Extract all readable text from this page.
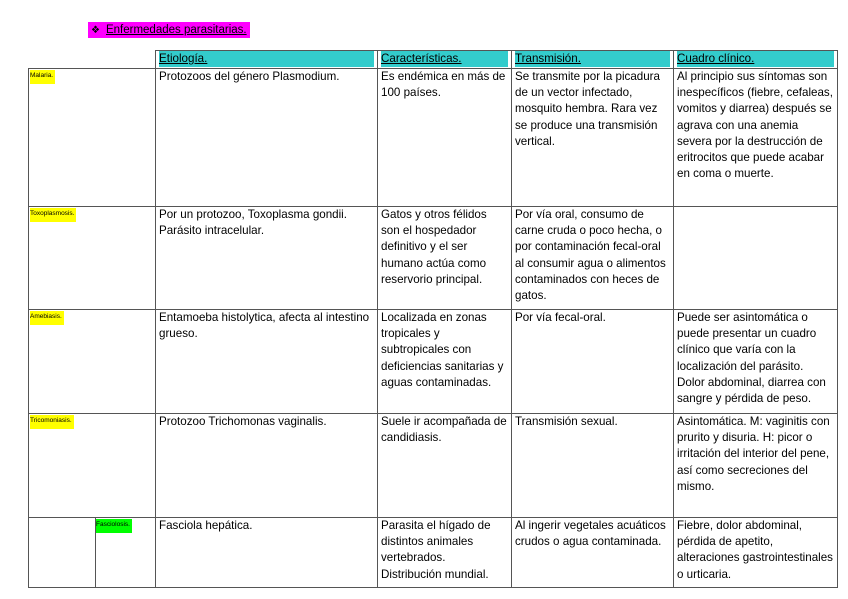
❖ Enfermedades parasitarias.
	Etiología.	Características.	Transmisión.	Cuadro clínico.

Malaria.	Protozoos del género Plasmodium.	Es endémica en más de 100 países.	Se transmite por la picadura de un vector infectado, mosquito hembra. Rara vez se produce una transmisión vertical.	Al principio sus síntomas son inespecíficos (fiebre, cefaleas, vomitos y diarrea) después se agrava con una anemia severa por la destrucción de eritrocitos que puede acabar en coma o muerte.

Toxoplasmosis.	Por un protozoo, Toxoplasma gondii. Parásito intracelular.	Gatos y otros félidos son el hospedador definitivo y el ser humano actúa como reservorio principal.	Por vía oral, consumo de carne cruda o poco hecha, o por contaminación fecal-oral al consumir agua o alimentos contaminados con heces de gatos.	

Amebiasis.	Entamoeba histolytica, afecta al intestino grueso.	Localizada en zonas tropicales y subtropicales con deficiencias sanitarias y aguas contaminadas.	Por vía fecal-oral.	Puede ser asintomática o puede presentar un cuadro clínico que varía con la localización del parásito. Dolor abdominal, diarrea con sangre y pérdida de peso.

Tricomoniasis.	Protozoo Trichomonas vaginalis.	Suele ir acompañada de candidiasis.	Transmisión sexual.	Asintomática. M: vaginitis con prurito y disuria. H: picor o irritación del interior del pene, así como secreciones del mismo.

Fasciolosis.	Fasciola hepática.	Parasita el hígado de distintos animales vertebrados. Distribución mundial.	Al ingerir vegetales acuáticos crudos o agua contaminada.	Fiebre, dolor abdominal, pérdida de apetito, alteraciones gastrointestinales o urticaria.
